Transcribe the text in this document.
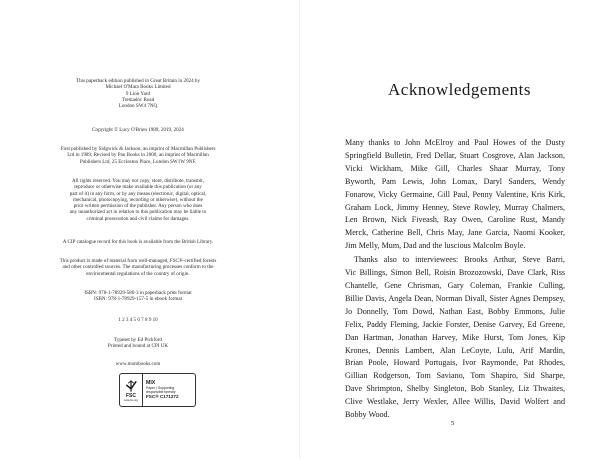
This paperback edition published in Great Britain in 2024 by
Michael O'Mara Books Limited
9 Lion Yard
Tremadoc Road
London SW4 7NQ
Copyright © Lucy O'Brien 1989, 2019, 2024
First published by Sidgwick & Jackson, an imprint of Macmillan Publishers
Ltd in 1989; Revised by Pan Books in 2000, an imprint of Macmillan
Publishers Ltd, 25 Eccleston Place, London SW1W 9NF.
All rights reserved. You may not copy, store, distribute, transmit,
reproduce or otherwise make available this publication (or any
part of it) in any form, or by any means (electronic, digital, optical,
mechanical, photocopying, recording or otherwise), without the
prior written permission of the publisher. Any person who does
any unauthorized act in relation to this publication may be liable to
criminal prosecution and civil claims for damages.
A CIP catalogue record for this book is available from the British Library.
This product is made of material from well-managed, FSC®-certified forests
and other controlled sources. The manufacturing processes conform to the
environmental regulations of the country of origin.
ISBN: 978-1-78929-586-3 in paperback print format
ISBN: 978-1-78929-157-5 in ebook format
1 2 3 4 5 6 7 8 9 10
Typeset by Ed Pickford
Printed and bound at CPI UK
www.mombooks.com
FSC
www.fsc.org
MIX
Paper | Supporting
responsible forestry
FSC® C171272
Acknowledgements

Many thanks to John McElroy and Paul Howes of the Dusty
Springfield Bulletin, Fred Dellar, Stuart Cosgrove, Alan Jackson,
Vicki Wickham, Mike Gill, Charles Shaar Murray, Tony
Byworth, Pam Lewis, John Lomax, Daryl Sanders, Wendy
Fonarow, Vicky Germaine, Gill Paul, Penny Valentine, Kris Kirk,
Graham Lock, Jimmy Henney, Steve Rowley, Murray Chalmers,
Len Brown, Nick Fiveash, Ray Owen, Caroline Rust, Mandy
Merck, Catherine Bell, Chris May, Jane Garcia, Naomi Kooker,
Jim Melly, Mum, Dad and the luscious Malcolm Boyle.

Thanks also to interviewees: Brooks Arthur, Steve Barri,
Vic Billings, Simon Bell, Roisin Brozozowski, Dave Clark, Riss
Chantelle, Gene Chrisman, Gary Coleman, Frankie Culling,
Billie Davis, Angela Dean, Norman Divall, Sister Agnes Dempsey,
Jo Donnelly, Tom Dowd, Nathan East, Bobby Emmons, Julie
Felix, Paddy Fleming, Jackie Forster, Denise Garvey, Ed Greene,
Dan Hartman, Jonathan Harvey, Mike Hurst, Tom Jones, Kip
Krones, Dennis Lambert, Alan LeCoyte, Lulu, Arif Mardin,
Brian Poole, Howard Portugais, Ivor Raymonde, Pat Rhodes,
Gillian Rodgerson, Tom Saviano, Tom Shapiro, Sid Sharpe,
Dave Shrimpton, Shelby Singleton, Bob Stanley, Liz Thwaites,
Clive Westlake, Jerry Wexler, Allee Willis, David Wolfert and
Bobby Wood.

5
